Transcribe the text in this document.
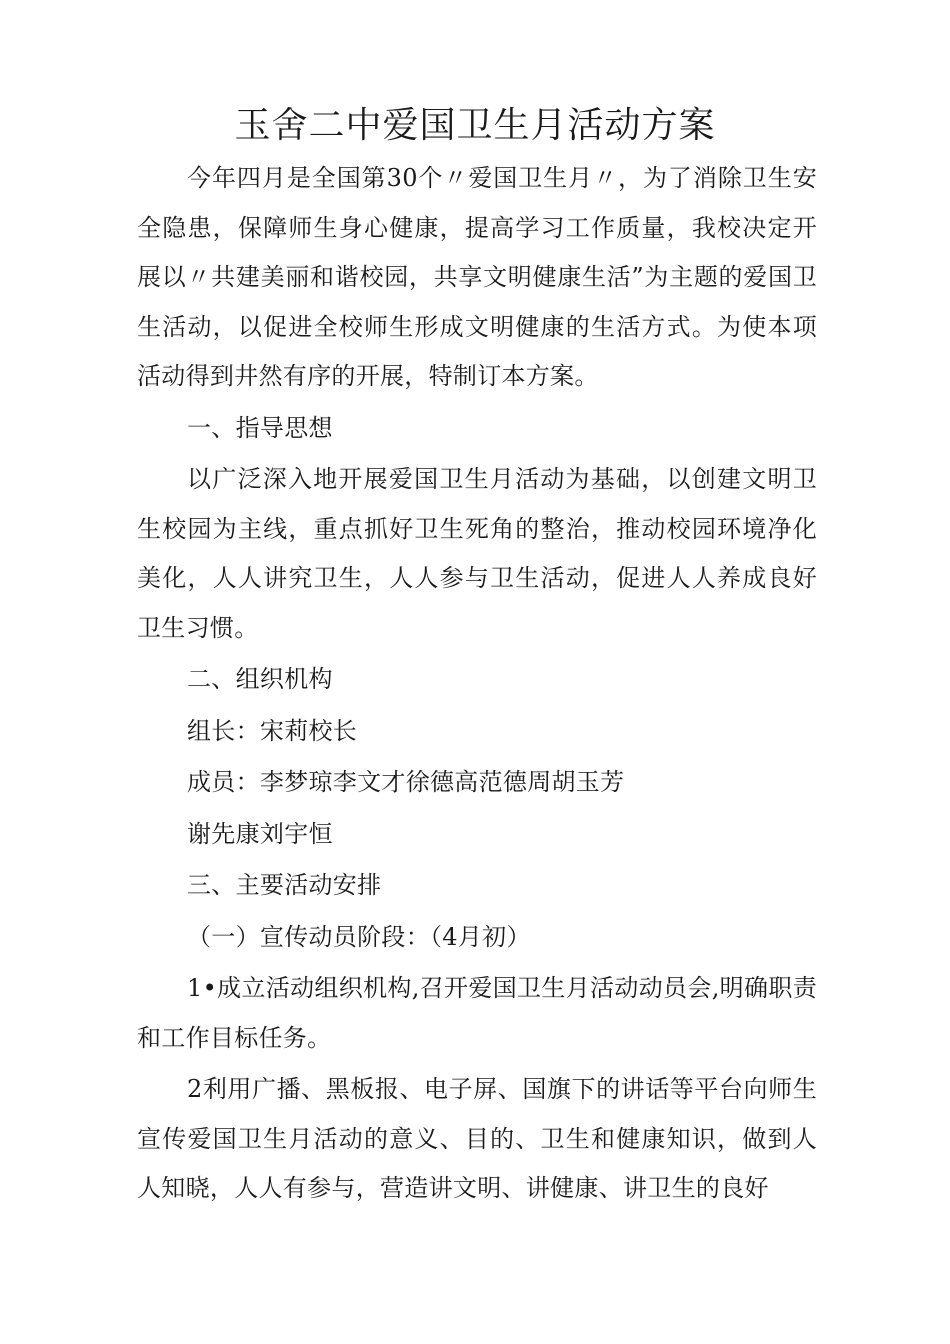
玉舍二中爱国卫生月活动方案

今年四月是全国第30个〃爱国卫生月〃，为了消除卫生安全隐患，保障师生身心健康，提高学习工作质量，我校决定开展以〃共建美丽和谐校园，共享文明健康生活”为主题的爱国卫生活动，以促进全校师生形成文明健康的生活方式。为使本项活动得到井然有序的开展，特制订本方案。

一、指导思想

以广泛深入地开展爱国卫生月活动为基础，以创建文明卫生校园为主线，重点抓好卫生死角的整治，推动校园环境净化美化，人人讲究卫生，人人参与卫生活动，促进人人养成良好卫生习惯。

二、组织机构

组长：宋莉校长

成员：李梦琼李文才徐德高范德周胡玉芳

谢先康刘宇恒

三、主要活动安排

（一）宣传动员阶段：（4月初）

1•成立活动组织机构,召开爱国卫生月活动动员会,明确职责和工作目标任务。

2利用广播、黑板报、电子屏、国旗下的讲话等平台向师生宣传爱国卫生月活动的意义、目的、卫生和健康知识，做到人人知晓，人人有参与，营造讲文明、讲健康、讲卫生的良好
